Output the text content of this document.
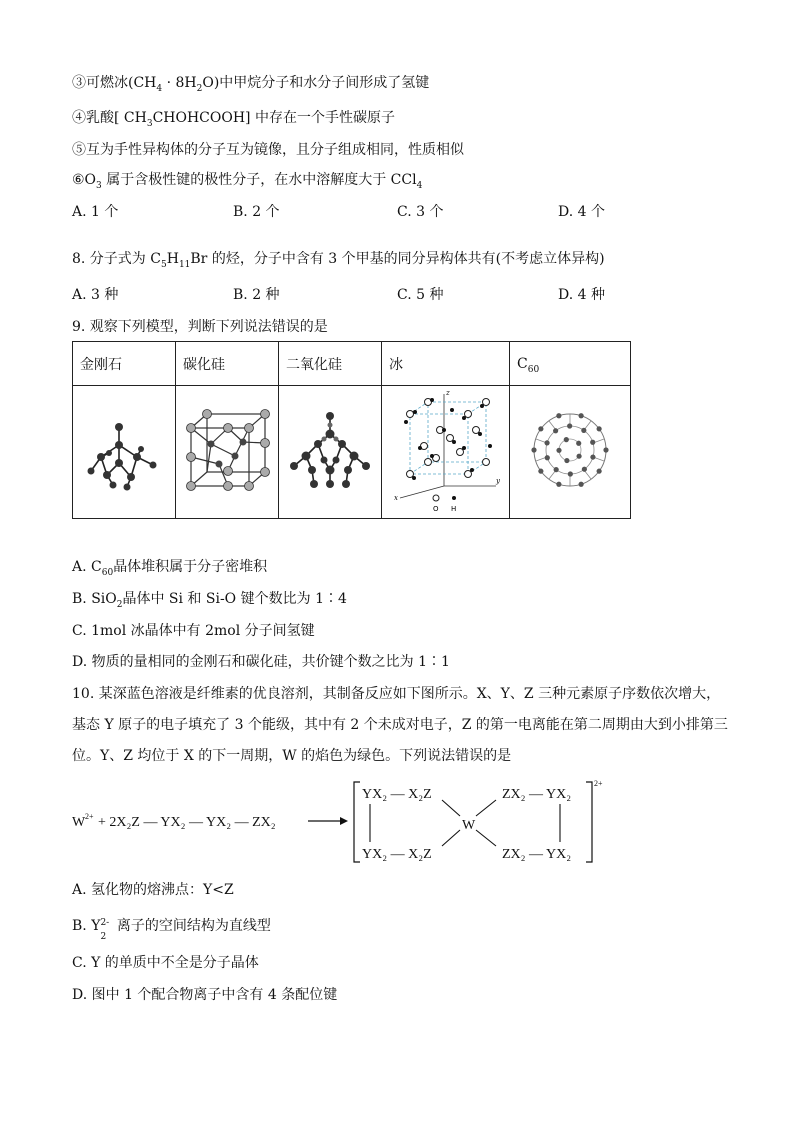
③可燃冰$(CH_4 \cdot 8H_2O)$中甲烷分子和水分子间形成了氢键
④乳酸[ $CH_3CHOHCOOH$] 中存在一个手性碳原子
⑤互为手性异构体的分子互为镜像，且分子组成相同，性质相似
$⑥O_3$ 属于含极性键的极性分子，在水中溶解度大于 CCl$_4$
A. 1 个	B. 2 个	C. 3 个	D. 4 个
8. 分子式为 $C_5H_{11}Br$ 的烃，分子中含有 3 个甲基的同分异构体共有(不考虑立体异构)
A. 3 种	B. 2 种	C. 5 种	D. 4 种
9. 观察下列模型，判断下列说法错误的是
金刚石	碳化硅	二氧化硅	冰	$C_{60}$

z
y
x
O H

A. $C_{60}$晶体堆积属于分子密堆积
B. SiO$_2$晶体中 Si 和 Si-O 键个数比为 1∶4
C. 1mol 冰晶体中有 2mol 分子间氢键
D. 物质的量相同的金刚石和碳化硅，共价键个数之比为 1∶1
10. 某深蓝色溶液是纤维素的优良溶剂，其制备反应如下图所示。X、Y、Z 三种元素原子序数依次增大，
基态 Y 原子的电子填充了 3 个能级，其中有 2 个未成对电子，Z 的第一电离能在第二周期由大到小排第三
位。Y、Z 均位于 X 的下一周期，W 的焰色为绿色。下列说法错误的是
W 2+ + 2X₂Z — YX₂ — YX₂ — ZX₂
YX₂ — X₂Z
YX₂ — X₂Z
ZX₂ — YX₂
ZX₂ — YX₂
W
2+
A. 氢化物的熔沸点：Y<Z
B. Y 2-
2
离子的空间结构为直线型
C. Y 的单质中不全是分子晶体
D. 图中 1 个配合物离子中含有 4 条配位键
